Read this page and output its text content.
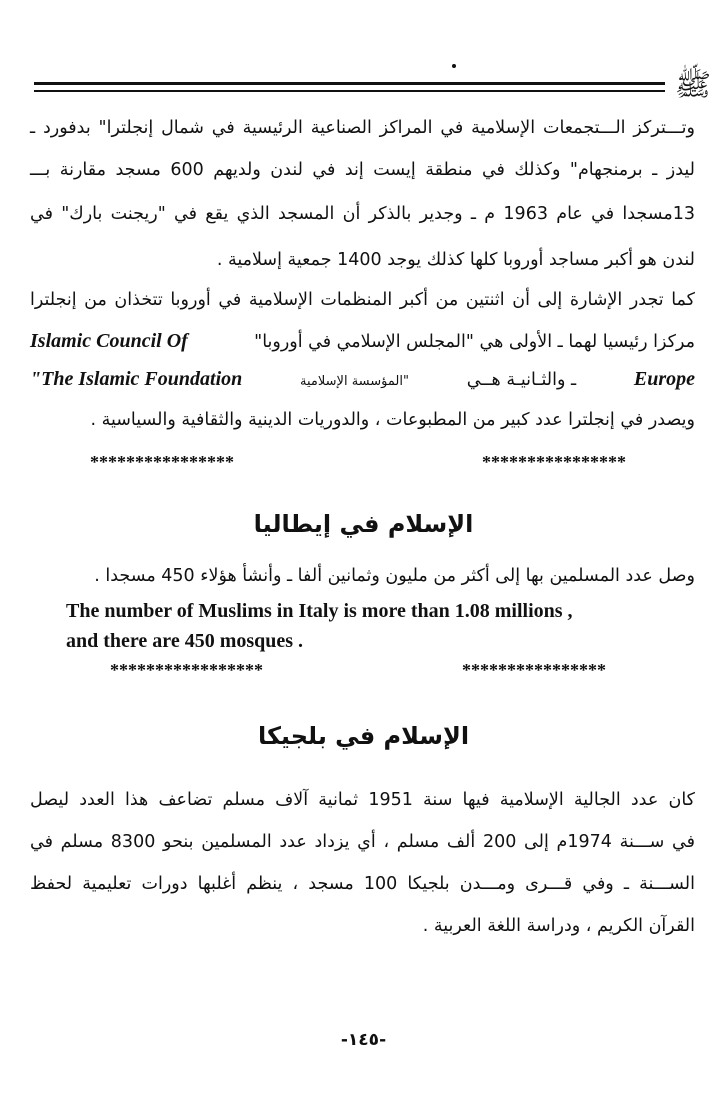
ﷺ
وتـــتركز الـــتجمعات الإسلامية في المراكز الصناعية الرئيسية في شمال إنجلترا" بدفورد ـ
ليدز ـ برمنجهام" وكذلك في منطقة إيست إند في لندن ولديهم 600 مسجد مقارنة بـــ
13مسجدا في عام 1963 م ـ وجدير بالذكر أن المسجد الذي يقع في "ريجنت بارك" في
لندن هو أكبر مساجد أوروبا كلها كذلك يوجد 1400 جمعية إسلامية .
كما تجدر الإشارة إلى أن اثنتين من أكبر المنظمات الإسلامية في أوروبا تتخذان من إنجلترا
Islamic Council Of	مركزا رئيسيا لهما ـ الأولى هي "المجلس الإسلامي في أوروبا"
"The Islamic Foundation	"المؤسسة الإسلامية	ـ والثـانيـة هــي	Europe
ويصدر في إنجلترا عدد كبير من المطبوعات ، والدوريات الدينية والثقافية والسياسية .
****************	****************
الإسلام في إيطاليا
وصل عدد المسلمين بها إلى أكثر من مليون وثمانين ألفا ـ وأنشأ هؤلاء 450 مسجدا .
The number of Muslims in Italy is more than 1.08 millions ,
and there are 450 mosques .
*****************	****************
الإسلام في بلجيكا
كان عدد الجالية الإسلامية فيها سنة 1951 ثمانية آلاف مسلم تضاعف هذا العدد ليصل
في ســـنة 1974م إلى 200 ألف مسلم ، أي يزداد عدد المسلمين بنحو 8300 مسلم في
الســـنة ـ وفي قـــرى ومـــدن بلجيكا 100 مسجد ، ينظم أغلبها دورات تعليمية لحفظ
القرآن الكريم ، ودراسة اللغة العربية .
-١٤٥-
